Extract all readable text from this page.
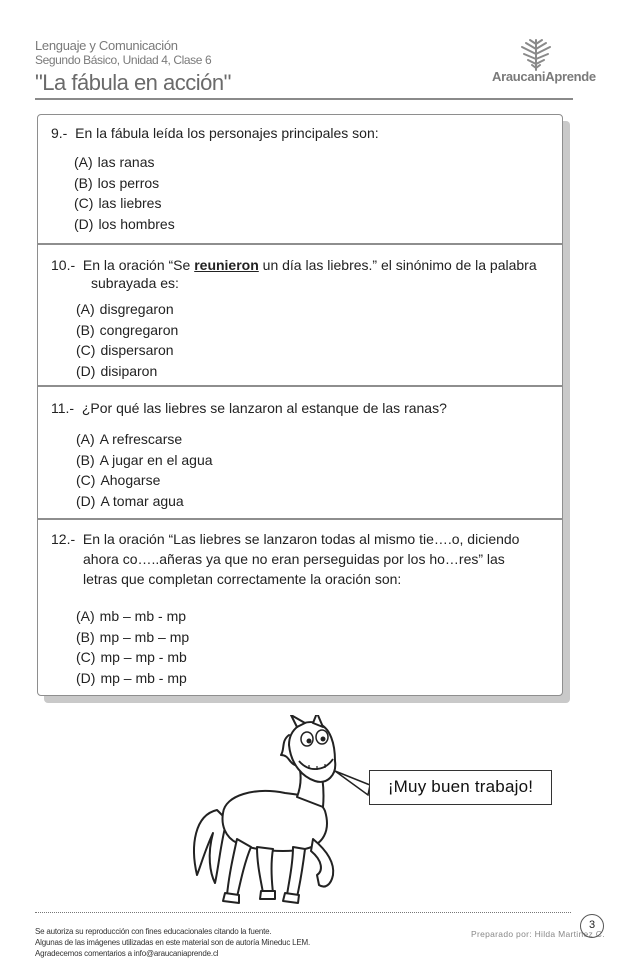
Lenguaje y Comunicación
Segundo Básico, Unidad 4, Clase 6
"La fábula en acción"	AraucaniAprende
9.- En la fábula leída los personajes principales son:
(A) las ranas
(B) los perros
(C) las liebres
(D) los hombres
10.- En la oración “Se reunieron un día las liebres.” el sinónimo de la palabra
subrayada es:
(A) disgregaron
(B) congregaron
(C) dispersaron
(D) disiparon
11.- ¿Por qué las liebres se lanzaron al estanque de las ranas?
(A) A refrescarse
(B) A jugar en el agua
(C) Ahogarse
(D) A tomar agua
12.- En la oración “Las liebres se lanzaron todas al mismo tie….o, diciendo
ahora co…..añeras ya que no eran perseguidas por los ho…res” las
letras que completan correctamente la oración son:
(A) mb – mb - mp
(B) mp – mb – mp
(C) mp – mp - mb
(D) mp – mb - mp
¡Muy buen trabajo!
Se autoriza su reproducción con fines educacionales citando la fuente.
Algunas de las imágenes utilizadas en este material son de autoría Mineduc LEM.
Agradecemos comentarios a info@araucaniaprende.cl
Preparado por: Hilda Martinez C.
3
